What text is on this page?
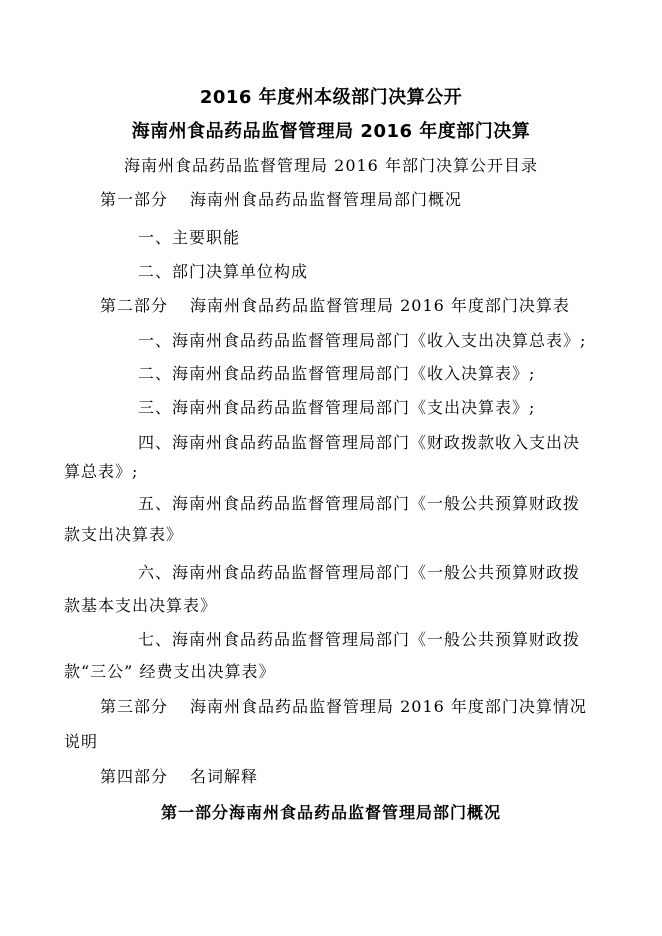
2016 年度州本级部门决算公开
海南州食品药品监督管理局 2016 年度部门决算
海南州食品药品监督管理局 2016 年部门决算公开目录
第一部分 海南州食品药品监督管理局部门概况
一、主要职能
二、部门决算单位构成
第二部分 海南州食品药品监督管理局 2016 年度部门决算表
一、海南州食品药品监督管理局部门《收入支出决算总表》;
二、海南州食品药品监督管理局部门《收入决算表》;
三、海南州食品药品监督管理局部门《支出决算表》;
四、海南州食品药品监督管理局部门《财政拨款收入支出决
算总表》;
五、海南州食品药品监督管理局部门《一般公共预算财政拨
款支出决算表》
六、海南州食品药品监督管理局部门《一般公共预算财政拨
款基本支出决算表》
七、海南州食品药品监督管理局部门《一般公共预算财政拨
款“三公” 经费支出决算表》
第三部分 海南州食品药品监督管理局 2016 年度部门决算情况
说明
第四部分 名词解释
第一部分海南州食品药品监督管理局部门概况
